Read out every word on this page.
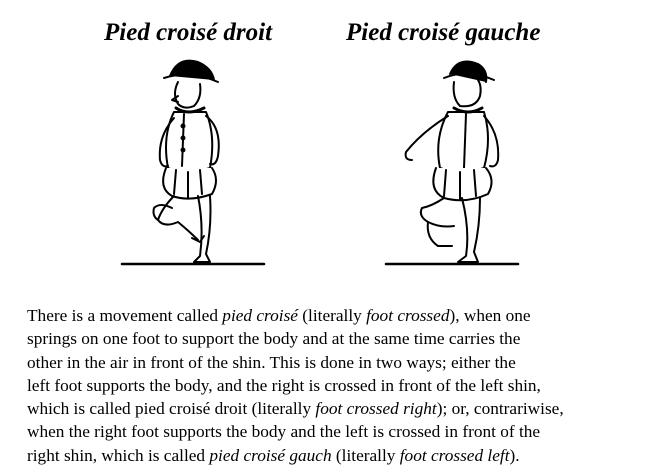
Pied croisé droit	Pied croisé gauche
There is a movement called pied croisé (literally foot crossed), when one
springs on one foot to support the body and at the same time carries the
other in the air in front of the shin. This is done in two ways; either the
left foot supports the body, and the right is crossed in front of the left shin,
which is called pied croisé droit (literally foot crossed right); or, contrariwise,
when the right foot supports the body and the left is crossed in front of the
right shin, which is called pied croisé gauch (literally foot crossed left).
